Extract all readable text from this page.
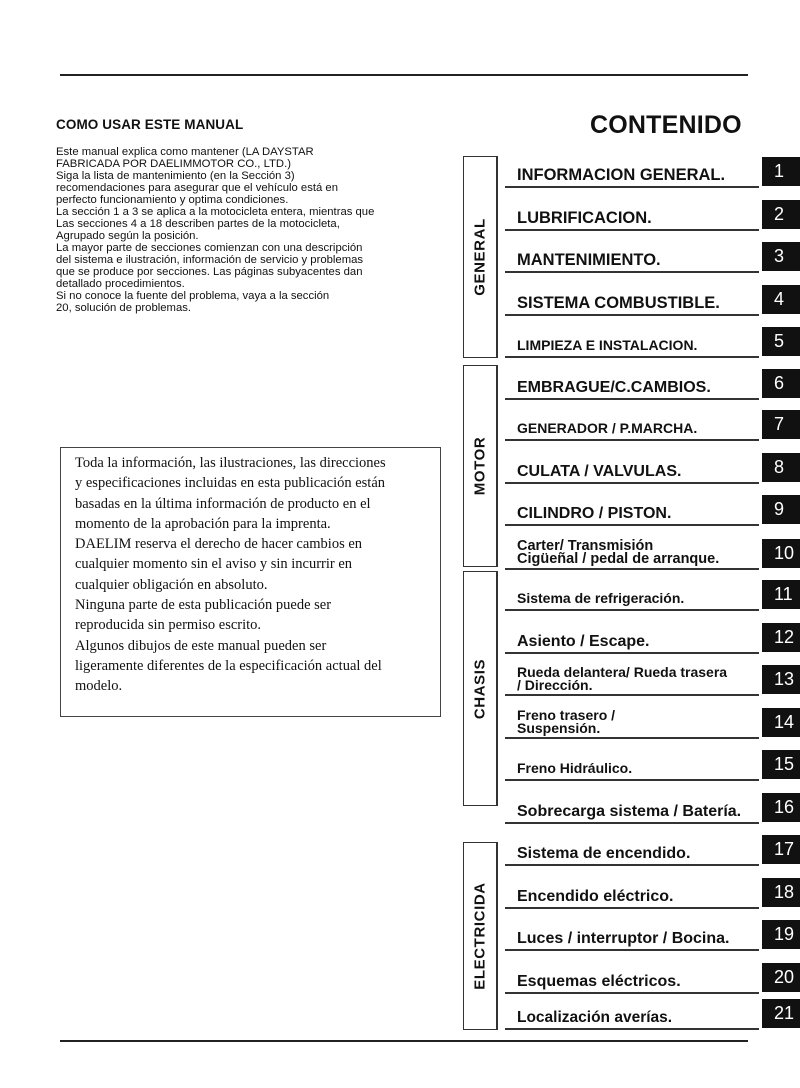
COMO USAR ESTE MANUAL
Este manual explica como mantener (LA DAYSTAR
FABRICADA POR DAELIMMOTOR CO., LTD.)
Siga la lista de mantenimiento (en la Sección 3)
recomendaciones para asegurar que el vehículo está en
perfecto funcionamiento y optima condiciones.
La sección 1 a 3 se aplica a la motocicleta entera, mientras que
Las secciones 4 a 18 describen partes de la motocicleta,
Agrupado según la posición.
La mayor parte de secciones comienzan con una descripción
del sistema e ilustración, información de servicio y problemas
que se produce por secciones. Las páginas subyacentes dan
detallado procedimientos.
Si no conoce la fuente del problema, vaya a la sección
20, solución de problemas.
Toda la información, las ilustraciones, las direcciones
y especificaciones incluidas en esta publicación están
basadas en la última información de producto en el
momento de la aprobación para la imprenta.
DAELIM reserva el derecho de hacer cambios en
cualquier momento sin el aviso y sin incurrir en
cualquier obligación en absoluto.
Ninguna parte de esta publicación puede ser
reproducida sin permiso escrito.
Algunos dibujos de este manual pueden ser
ligeramente diferentes de la especificación actual del
modelo.
CONTENIDO
GENERAL
MOTOR
CHASIS
ELECTRICIDA
INFORMACION GENERAL.	1
LUBRIFICACION.	2
MANTENIMIENTO.	3
SISTEMA COMBUSTIBLE.	4
LIMPIEZA E INSTALACION.	5
EMBRAGUE/C.CAMBIOS.	6
GENERADOR / P.MARCHA.	7
CULATA / VALVULAS.	8
CILINDRO / PISTON.	9
Carter/ Transmisión
Cigüeñal / pedal de arranque.	10
Sistema de refrigeración.	11
Asiento / Escape.	12
Rueda delantera/ Rueda trasera
/ Dirección.	13
Freno trasero /
Suspensión.	14
Freno Hidráulico.	15
Sobrecarga sistema / Batería.	16
Sistema de encendido.	17
Encendido eléctrico.	18
Luces / interruptor / Bocina.	19
Esquemas eléctricos.	20
Localización averías.	21
